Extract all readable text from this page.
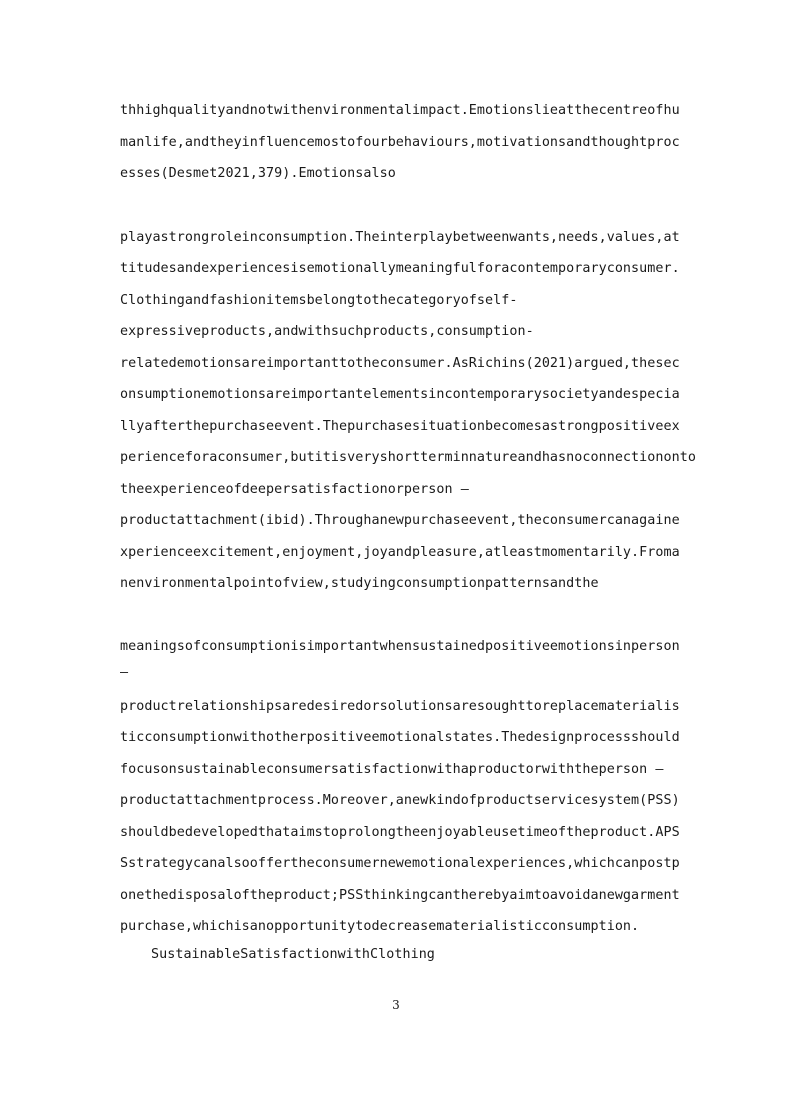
thhighqualityandnotwithenvironmentalimpact.Emotionslieatthecentreofhu
manlife,andtheyinfluencemostofourbehaviours,motivationsandthoughtproc
esses(Desmet2021,379).Emotionsalso
playastrongroleinconsumption.Theinterplaybetweenwants,needs,values,at
titudesandexperiencesisemotionallymeaningfulforacontemporaryconsumer.
Clothingandfashionitemsbelongtothecategoryofself-
expressiveproducts,andwithsuchproducts,consumption-
relatedemotionsareimportanttotheconsumer.AsRichins(2021)argued,thesec
onsumptionemotionsareimportantelementsincontemporarysocietyandespecia
llyafterthepurchaseevent.Thepurchasesituationbecomesastrongpositiveex
perienceforaconsumer,butitisveryshortterminnatureandhasnoconnectiononto
theexperienceofdeepersatisfactionorperson –
productattachment(ibid).Throughanewpurchaseevent,theconsumercanagaine
xperienceexcitement,enjoyment,joyandpleasure,atleastmomentarily.Froma
nenvironmentalpointofview,studyingconsumptionpatternsandthe
meaningsofconsumptionisimportantwhensustainedpositiveemotionsinperson
–
productrelationshipsaredesiredorsolutionsaresoughttoreplacematerialis
ticconsumptionwithotherpositiveemotionalstates.Thedesignprocessshould
focusonsustainableconsumersatisfactionwithaproductorwiththeperson –
productattachmentprocess.Moreover,anewkindofproductservicesystem(PSS)
shouldbedevelopedthataimstoprolongtheenjoyableusetimeoftheproduct.APS
Sstrategycanalsooffertheconsumernewemotionalexperiences,whichcanpostp
onethedisposaloftheproduct;PSSthinkingcantherebyaimtoavoidanewgarment
purchase,whichisanopportunitytodecreasematerialisticconsumption.
SustainableSatisfactionwithClothing
3
